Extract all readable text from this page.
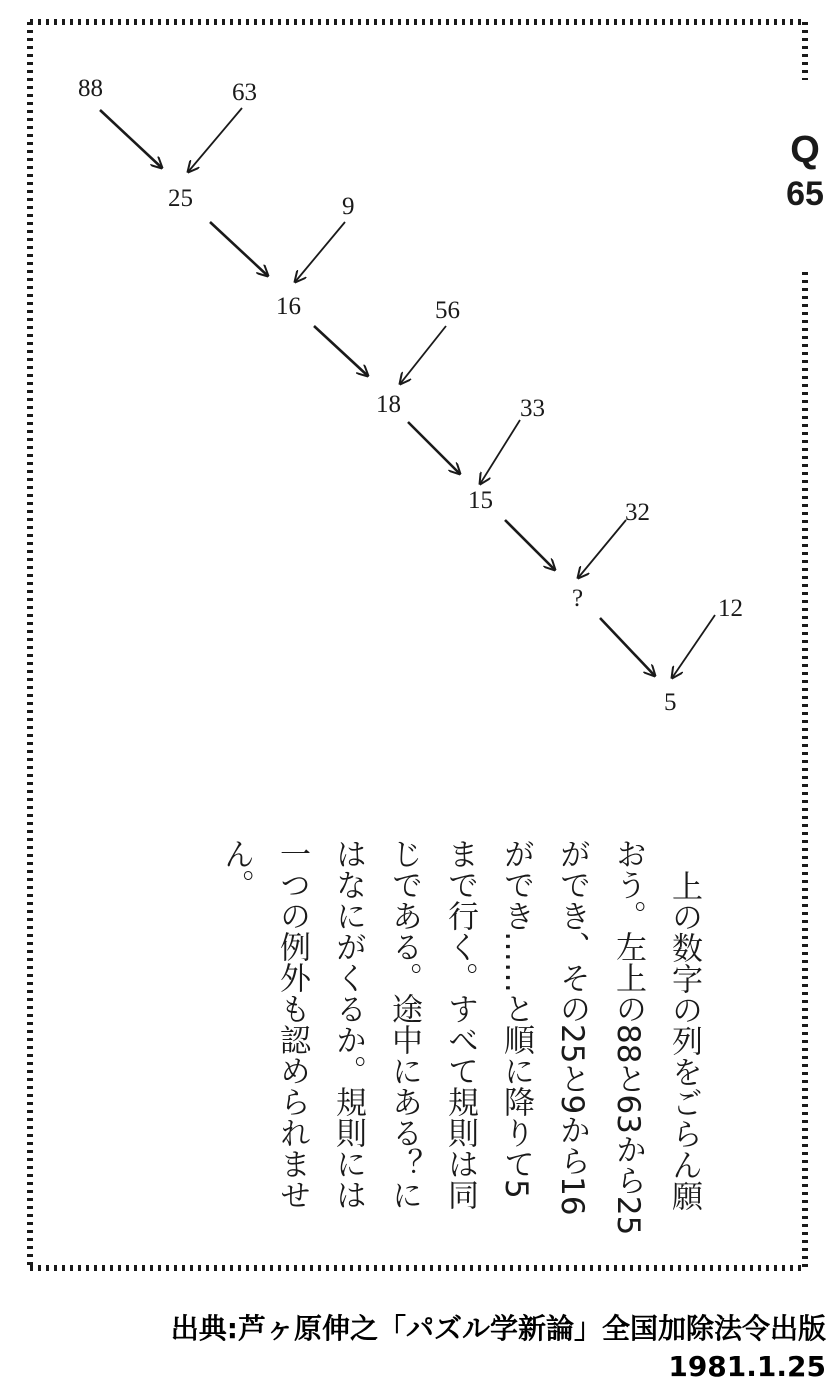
Q
65
88
25
16
18
15
?
5
63
9
56
33
32
12
上の数字の列をごらん願
おう。左上の88と63から25
ができ、その25と9から16
ができ……と順に降りて5
まで行く。すべて規則は同
じである。途中にある？に
はなにがくるか。規則には
一つの例外も認められませ
ん。
出典:芦ヶ原伸之「パズル学新論」全国加除法令出版
1981.1.25
